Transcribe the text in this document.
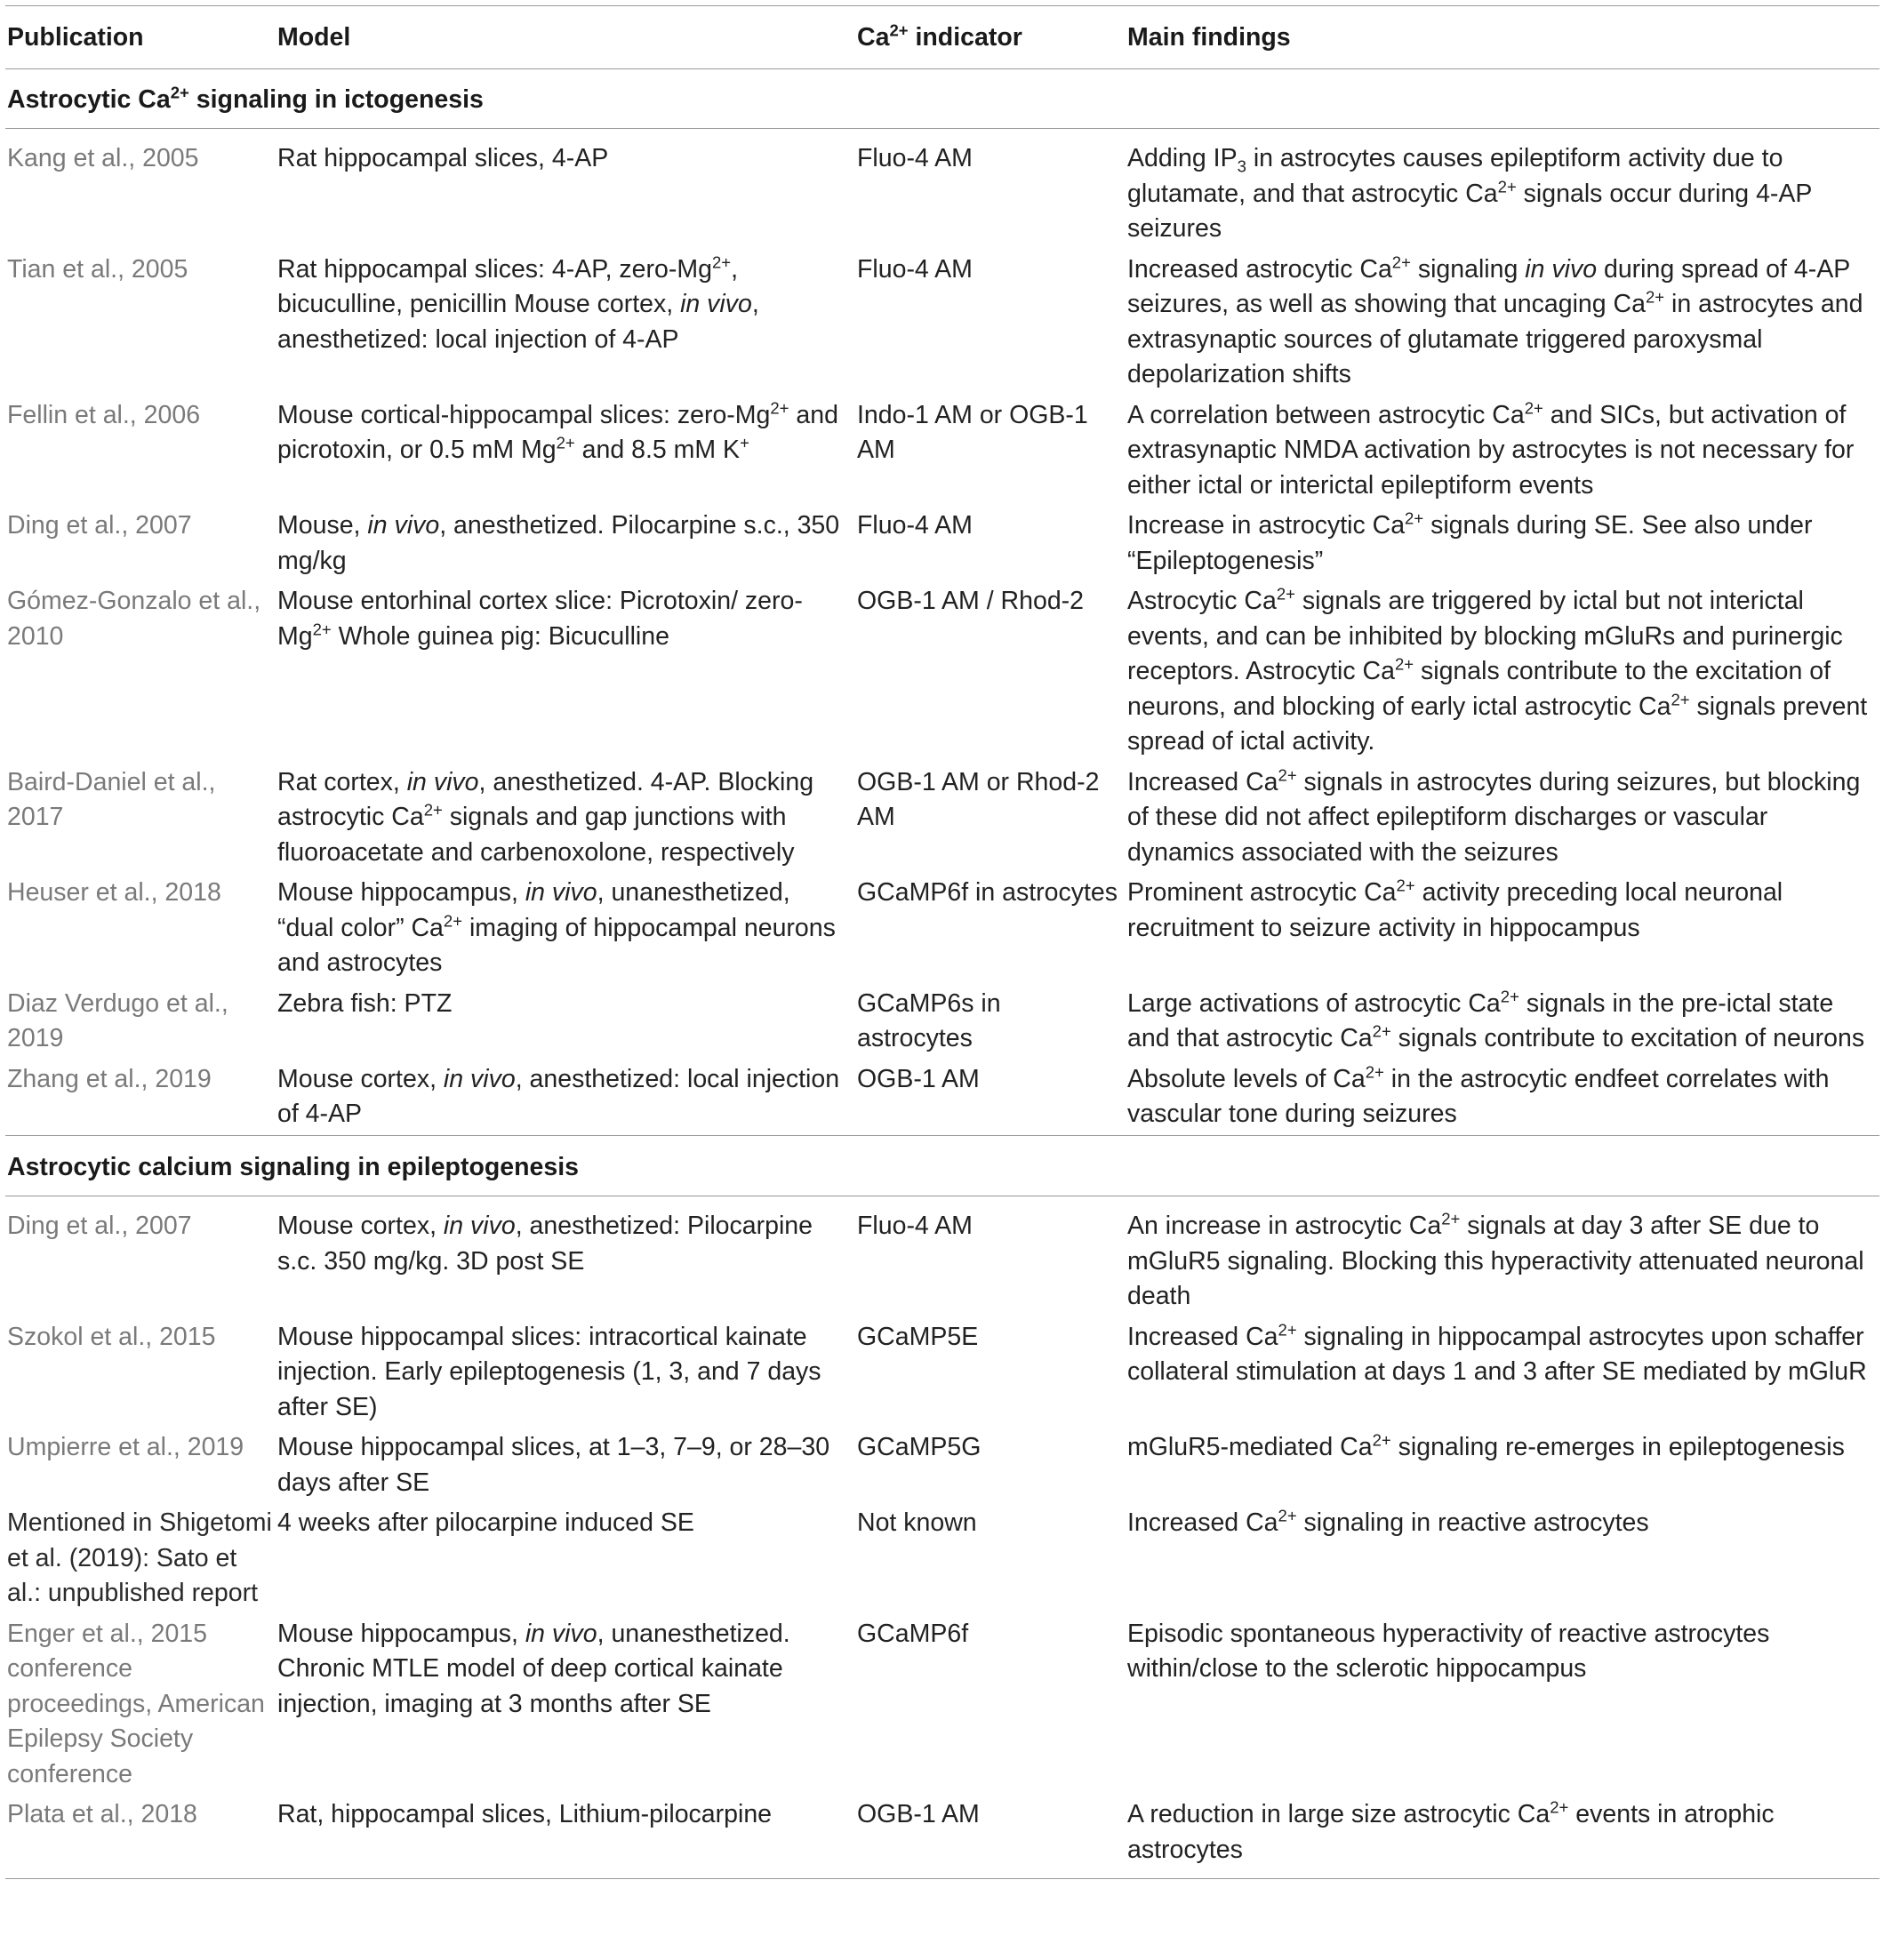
Publication	Model	$Ca^{2+}$ indicator	Main findings
Astrocytic $Ca^{2+}$ signaling in ictogenesis			
Kang et al., 2005	Rat hippocampal slices, 4-AP	Fluo-4 AM	Adding $IP_3$ in astrocytes causes epileptiform activity due to glutamate, and that astrocytic $Ca^{2+}$ signals occur during 4-AP seizures
Tian et al., 2005	Rat hippocampal slices: 4-AP, zero-$Mg^{2+}$, bicuculline, penicillin Mouse cortex, in vivo, anesthetized: local injection of 4-AP	Fluo-4 AM	Increased astrocytic $Ca^{2+}$ signaling in vivo during spread of 4-AP seizures, as well as showing that uncaging $Ca^{2+}$ in astrocytes and extrasynaptic sources of glutamate triggered paroxysmal depolarization shifts
Fellin et al., 2006	Mouse cortical-hippocampal slices: zero-$Mg^{2+}$ and picrotoxin, or 0.5 mM $Mg^{2+}$ and 8.5 mM K+	Indo-1 AM or OGB-1 AM	A correlation between astrocytic $Ca^{2+}$ and SICs, but activation of extrasynaptic NMDA activation by astrocytes is not necessary for either ictal or interictal epileptiform events
Ding et al., 2007	Mouse, in vivo, anesthetized. Pilocarpine s.c., 350 mg/kg	Fluo-4 AM	Increase in astrocytic $Ca^{2+}$ signals during SE. See also under “Epileptogenesis”
Gómez-Gonzalo et al., 2010	Mouse entorhinal cortex slice: Picrotoxin/ zero-$Mg^{2+}$ Whole guinea pig: Bicuculline	OGB-1 AM / Rhod-2	Astrocytic $Ca^{2+}$ signals are triggered by ictal but not interictal events, and can be inhibited by blocking mGluRs and purinergic receptors. Astrocytic $Ca^{2+}$ signals contribute to the excitation of neurons, and blocking of early ictal astrocytic $Ca^{2+}$ signals prevent spread of ictal activity.
Baird-Daniel et al., 2017	Rat cortex, in vivo, anesthetized. 4-AP. Blocking astrocytic $Ca^{2+}$ signals and gap junctions with fluoroacetate and carbenoxolone, respectively	OGB-1 AM or Rhod-2 AM	Increased $Ca^{2+}$ signals in astrocytes during seizures, but blocking of these did not affect epileptiform discharges or vascular dynamics associated with the seizures
Heuser et al., 2018	Mouse hippocampus, in vivo, unanesthetized, “dual color” $Ca^{2+}$ imaging of hippocampal neurons and astrocytes	GCaMP6f in astrocytes	Prominent astrocytic $Ca^{2+}$ activity preceding local neuronal recruitment to seizure activity in hippocampus
Diaz Verdugo et al., 2019	Zebra fish: PTZ	GCaMP6s in astrocytes	Large activations of astrocytic $Ca^{2+}$ signals in the pre-ictal state and that astrocytic $Ca^{2+}$ signals contribute to excitation of neurons
Zhang et al., 2019	Mouse cortex, in vivo, anesthetized: local injection of 4-AP	OGB-1 AM	Absolute levels of $Ca^{2+}$ in the astrocytic endfeet correlates with vascular tone during seizures
Astrocytic calcium signaling in epileptogenesis			
Ding et al., 2007	Mouse cortex, in vivo, anesthetized: Pilocarpine s.c. 350 mg/kg. 3D post SE	Fluo-4 AM	An increase in astrocytic $Ca^{2+}$ signals at day 3 after SE due to mGluR5 signaling. Blocking this hyperactivity attenuated neuronal death
Szokol et al., 2015	Mouse hippocampal slices: intracortical kainate injection. Early epileptogenesis (1, 3, and 7 days after SE)	GCaMP5E	Increased $Ca^{2+}$ signaling in hippocampal astrocytes upon schaffer collateral stimulation at days 1 and 3 after SE mediated by mGluR
Umpierre et al., 2019	Mouse hippocampal slices, at 1–3, 7–9, or 28–30 days after SE	GCaMP5G	mGluR5-mediated $Ca^{2+}$ signaling re-emerges in epileptogenesis
Mentioned in Shigetomi et al. (2019): Sato et al.: unpublished report	4 weeks after pilocarpine induced SE	Not known	Increased $Ca^{2+}$ signaling in reactive astrocytes
Enger et al., 2015 conference proceedings, American Epilepsy Society conference	Mouse hippocampus, in vivo, unanesthetized. Chronic MTLE model of deep cortical kainate injection, imaging at 3 months after SE	GCaMP6f	Episodic spontaneous hyperactivity of reactive astrocytes within/close to the sclerotic hippocampus
Plata et al., 2018	Rat, hippocampal slices, Lithium-pilocarpine	OGB-1 AM	A reduction in large size astrocytic $Ca^{2+}$ events in atrophic astrocytes
